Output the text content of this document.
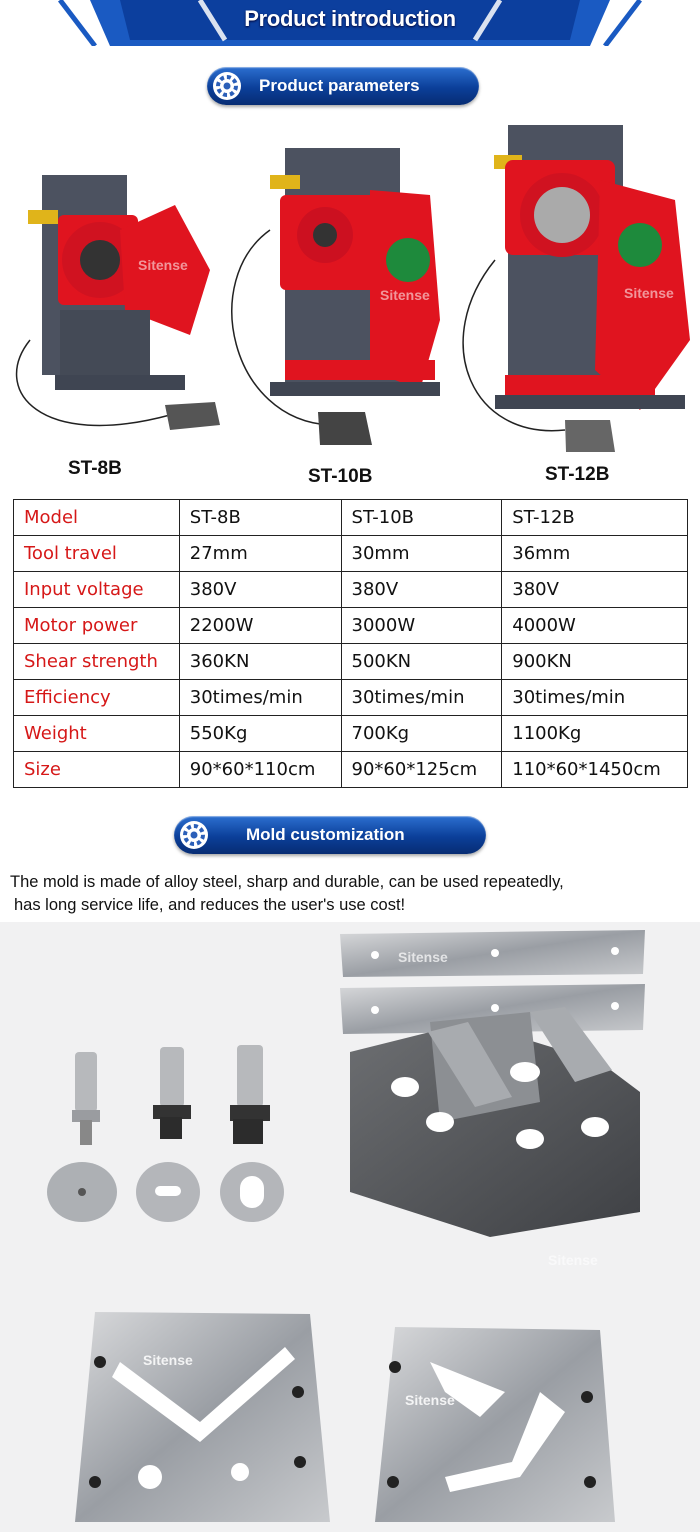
Product introduction
Product parameters
Sitense
Sitense	Sitense
ST-8B	ST-10B	ST-12B
Model	ST-8B	ST-10B	ST-12B
Tool travel	27mm	30mm	36mm
Input voltage	380V	380V	380V
Motor power	2200W	3000W	4000W
Shear strength	360KN	500KN	900KN
Efficiency	30times/min	30times/min	30times/min
Weight	550Kg	700Kg	1100Kg
Size	90*60*110cm	90*60*125cm	110*60*1450cm
Mold customization
The mold is made of alloy steel, sharp and durable, can be used repeatedly,
has long service life, and reduces the user's use cost!
Sitense
Sitense
Sitense
Sitense
